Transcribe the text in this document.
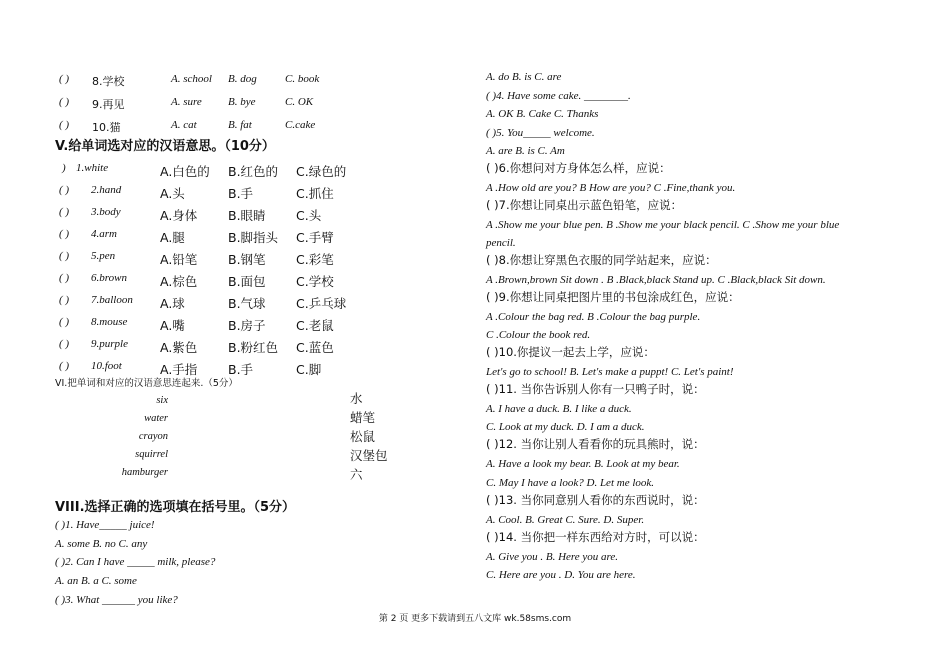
( ) 8.学校	A. school B. dog	C. book
( ) 9.再见	A. sure B. bye	C. OK
( ) 10.猫	A. cat	B. fat	C.cake
V.给单词选对应的汉语意思。（10分）
) 1.white	A.白色的 B.红色的 C.绿色的
( ) 2.hand	A.头	B.手	C.抓住
( ) 3.body	A.身体 B.眼睛 C.头
( ) 4.arm	A.腿	B.脚指头 C.手臂
( ) 5.pen	A.铅笔 B.钢笔 C.彩笔
( ) 6.brown	A.棕色 B.面包 C.学校
( ) 7.balloon A.球	B.气球 C.乒乓球
( ) 8.mouse	A.嘴	B.房子 C.老鼠
( ) 9.purple	A.紫色 B.粉红色 C.蓝色
( ) 10.foot	A.手指 B.手	C.脚
VI.把单词和对应的汉语意思连起来.（5分）
six
water
crayon
squirrel
hamburger
水
蜡笔
松鼠
汉堡包
六
VIII.选择正确的选项填在括号里。（5分）
( )1. Have_____ juice!
A. some B. no C. any
( )2. Can I have _____ milk, please?
A. an B. a C. some
( )3. What ______ you like?
A. do B. is C. are
( )4. Have some cake. ________.
A. OK B. Cake C. Thanks
( )5. You_____ welcome.
A. are B. is C. Am
( )6.你想问对方身体怎么样，应说：
A .How old are you? B How are you? C .Fine,thank you.
( )7.你想让同桌出示蓝色铅笔，应说：
A .Show me your blue pen. B .Show me your black pencil. C .Show me your blue
pencil.
( )8.你想让穿黑色衣服的同学站起来，应说：
A .Brown,brown Sit down . B .Black,black Stand up. C .Black,black Sit down.
( )9.你想让同桌把图片里的书包涂成红色，应说：
A .Colour the bag red. B .Colour the bag purple.
C .Colour the book red.
( )10.你提议一起去上学，应说：
Let's go to school! B. Let's make a puppt! C. Let's paint!
( )11. 当你告诉别人你有一只鸭子时，说：
A. I have a duck. B. I like a duck.
C. Look at my duck. D. I am a duck.
( )12. 当你让别人看看你的玩具熊时，说：
A. Have a look my bear. B. Look at my bear.
C. May I have a look? D. Let me look.
( )13. 当你同意别人看你的东西说时，说：
A. Cool. B. Great C. Sure. D. Super.
( )14. 当你把一样东西给对方时，可以说：
A. Give you . B. Here you are.
C. Here are you . D. You are here.
第 2 页 更多下载请到五八文库 wk.58sms.com
